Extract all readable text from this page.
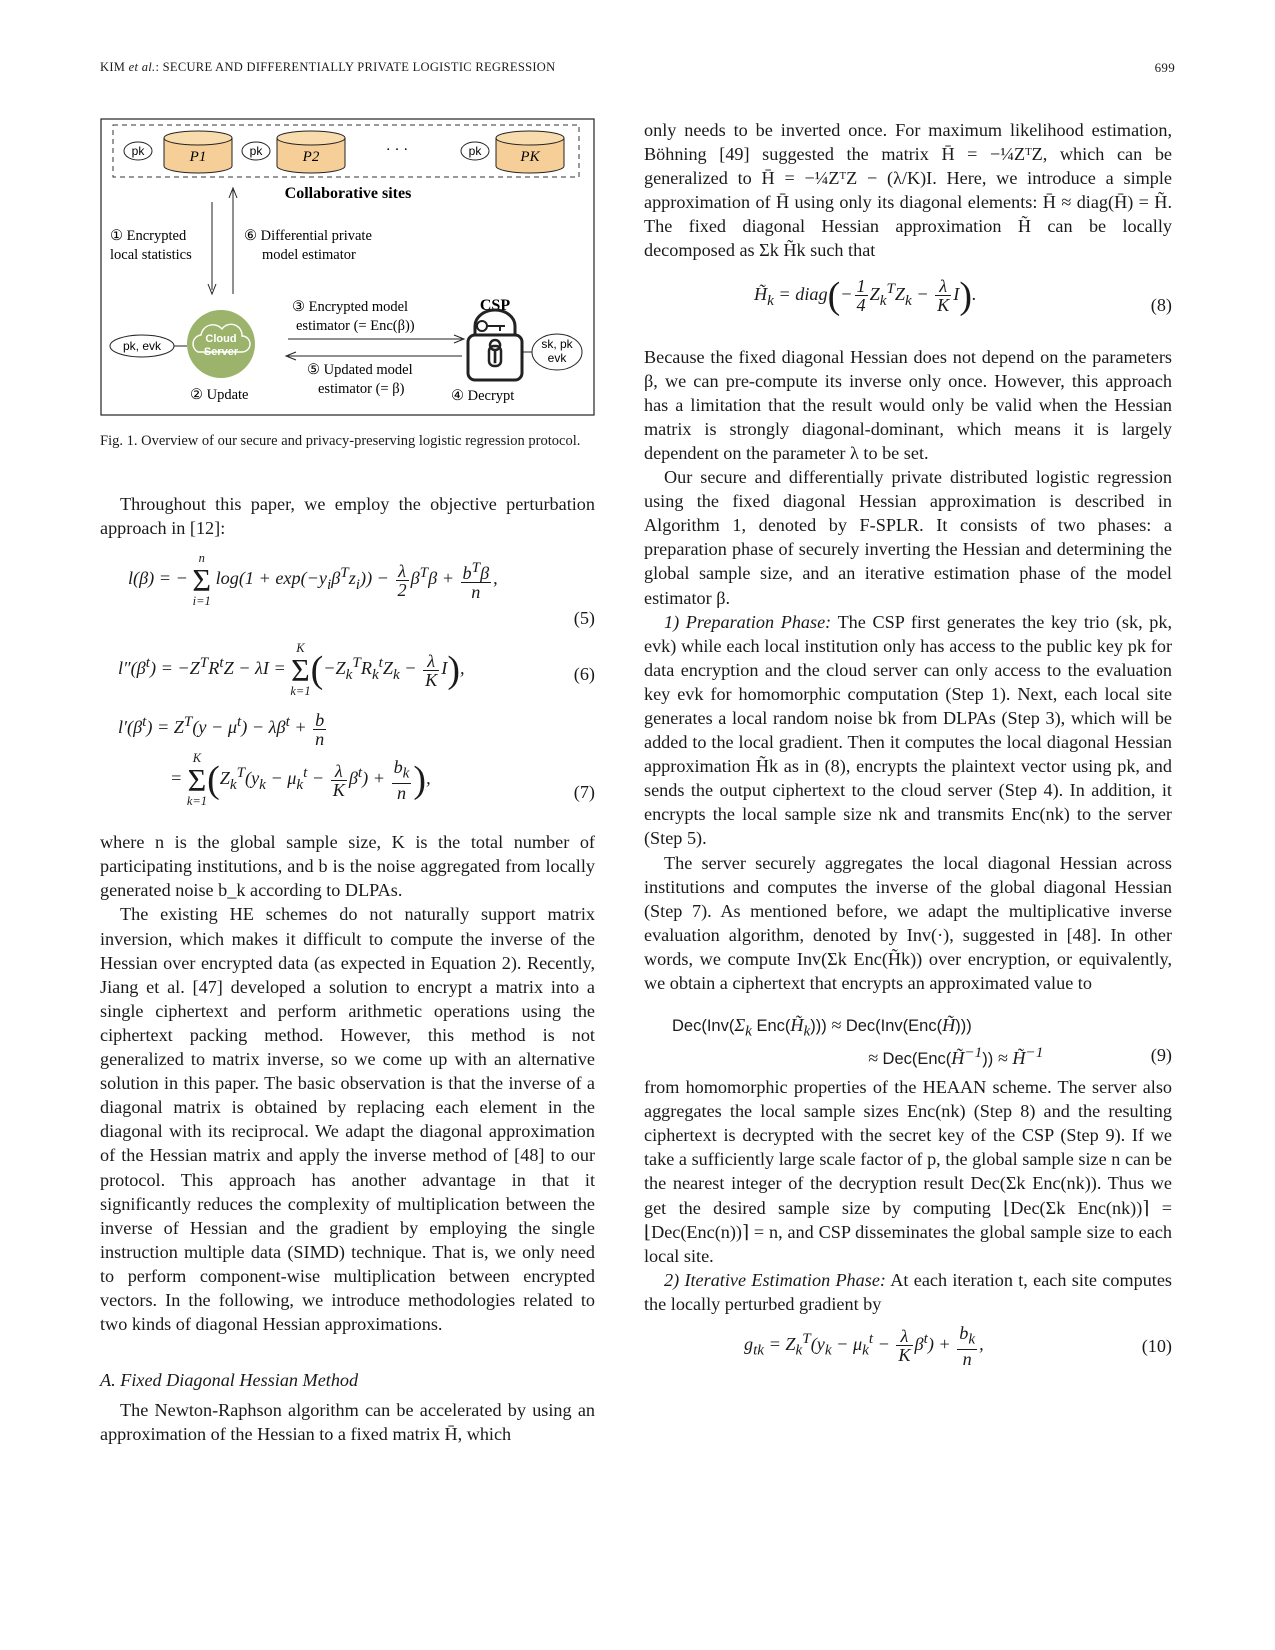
KIM et al.: SECURE AND DIFFERENTIALLY PRIVATE LOGISTIC REGRESSION	699
pk	P1	pk	P2	· · ·	pk	PK
Collaborative sites
① Encrypted
local statistics
⑥ Differential private
model estimator
pk, evk	Cloud
Server
② Update
③ Encrypted model
estimator (= Enc(β))
⑤ Updated model
estimator (= β)
CSP
sk, pk
evk
④ Decrypt
Fig. 1. Overview of our secure and privacy-preserving logistic regression protocol.

Throughout this paper, we employ the objective perturbation approach in [12]:

l(β) = −
n
Σ
i=1
$\log(1 + \exp(-y_i\beta^Tz_i)) - \frac{\lambda}{2} \beta^T\beta + \frac{b^T\beta}{n}$ ,
(5)
$l''(\beta^t) = -Z^TR^tZ - \lambda I$ =
K
Σ
k=1 $(-Z_k^TR_k^tZ_k - \frac{\lambda}{K} I)$,	(6)
$l'(\beta^t) = Z^T(y - \mu^t) - \lambda\beta^t + \frac{b}{n}$
=
K
Σ
k=1 ($Z_k^T(y_k - \mu_k^t - \frac{\lambda}{K} \beta^t) + \frac{b_k}{n}$ ),
(7)

where n is the global sample size, K is the total number of participating institutions, and b is the noise aggregated from locally generated noise b_k according to DLPAs.

The existing HE schemes do not naturally support matrix inversion, which makes it difficult to compute the inverse of the Hessian over encrypted data (as expected in Equation 2). Recently, Jiang et al. [47] developed a solution to encrypt a matrix into a single ciphertext and perform arithmetic operations using the ciphertext packing method. However, this method is not generalized to matrix inverse, so we come up with an alternative solution in this paper. The basic observation is that the inverse of a diagonal matrix is obtained by replacing each element in the diagonal with its reciprocal. We adapt the diagonal approximation of the Hessian matrix and apply the inverse method of [48] to our protocol. This approach has another advantage in that it significantly reduces the complexity of multiplication between the inverse of Hessian and the gradient by employing the single instruction multiple data (SIMD) technique. That is, we only need to perform component-wise multiplication between encrypted vectors. In the following, we introduce methodologies related to two kinds of diagonal Hessian approximations.

A. Fixed Diagonal Hessian Method

The Newton-Raphson algorithm can be accelerated by using an approximation of the Hessian to a fixed matrix H̄, which

only needs to be inverted once. For maximum likelihood estimation, Böhning [49] suggested the matrix H̄ = −¼ZᵀZ, which can be generalized to H̄ = −¼ZᵀZ − (λ/K)I. Here, we introduce a simple approximation of H̄ using only its diagonal elements: H̄ ≈ diag(H̄) = H̃. The fixed diagonal Hessian approximation H̃ can be locally decomposed as Σk H̃k such that

$H̃_k$ = diag(− $\frac{1}{4} Z_k^TZ_k - \frac{\lambda}{K} I$).
(8)

Because the fixed diagonal Hessian does not depend on the parameters β, we can pre-compute its inverse only once. However, this approach has a limitation that the result would only be valid when the Hessian matrix is strongly diagonal-dominant, which means it is largely dependent on the parameter λ to be set.

Our secure and differentially private distributed logistic regression using the fixed diagonal Hessian approximation is described in Algorithm 1, denoted by F-SPLR. It consists of two phases: a preparation phase of securely inverting the Hessian and determining the global sample size, and an iterative estimation phase of the model estimator β.

1) Preparation Phase: The CSP first generates the key trio (sk, pk, evk) while each local institution only has access to the public key pk for data encryption and the cloud server can only access to the evaluation key evk for homomorphic computation (Step 1). Next, each local site generates a local random noise bk from DLPAs (Step 3), which will be added to the local gradient. Then it computes the local diagonal Hessian approximation H̃k as in (8), encrypts the plaintext vector using pk, and sends the output ciphertext to the cloud server (Step 4). In addition, it encrypts the local sample size nk and transmits Enc(nk) to the server (Step 5).

The server securely aggregates the local diagonal Hessian across institutions and computes the inverse of the global diagonal Hessian (Step 7). As mentioned before, we adapt the multiplicative inverse evaluation algorithm, denoted by Inv(·), suggested in [48]. In other words, we compute Inv(Σk Enc(H̃k)) over encryption, or equivalently, we obtain a ciphertext that encrypts an approximated value to

$Dec(Inv(\Sigma_k$ $Enc(H̃_k)$)) ≈ Dec(Inv(Enc(H̃)))
≈ Dec(Enc(H̃$^{-1}$)) ≈ H̃$^{-1}$	(9)

from homomorphic properties of the HEAAN scheme. The server also aggregates the local sample sizes Enc(nk) (Step 8) and the resulting ciphertext is decrypted with the secret key of the CSP (Step 9). If we take a sufficiently large scale factor of p, the global sample size n can be the nearest integer of the decryption result Dec(Σk Enc(nk)). Thus we get the desired sample size by computing ⌊Dec(Σk Enc(nk))⌉ = ⌊Dec(Enc(n))⌉ = n, and CSP disseminates the global sample size to each local site.

2) Iterative Estimation Phase: At each iteration t, each site computes the locally perturbed gradient by

$g_{tk} = Z_k^T(y_k - \mu_k^t - \frac{\lambda}{K} \beta^t) + \frac{b_k}{n}$ ,	(10)
